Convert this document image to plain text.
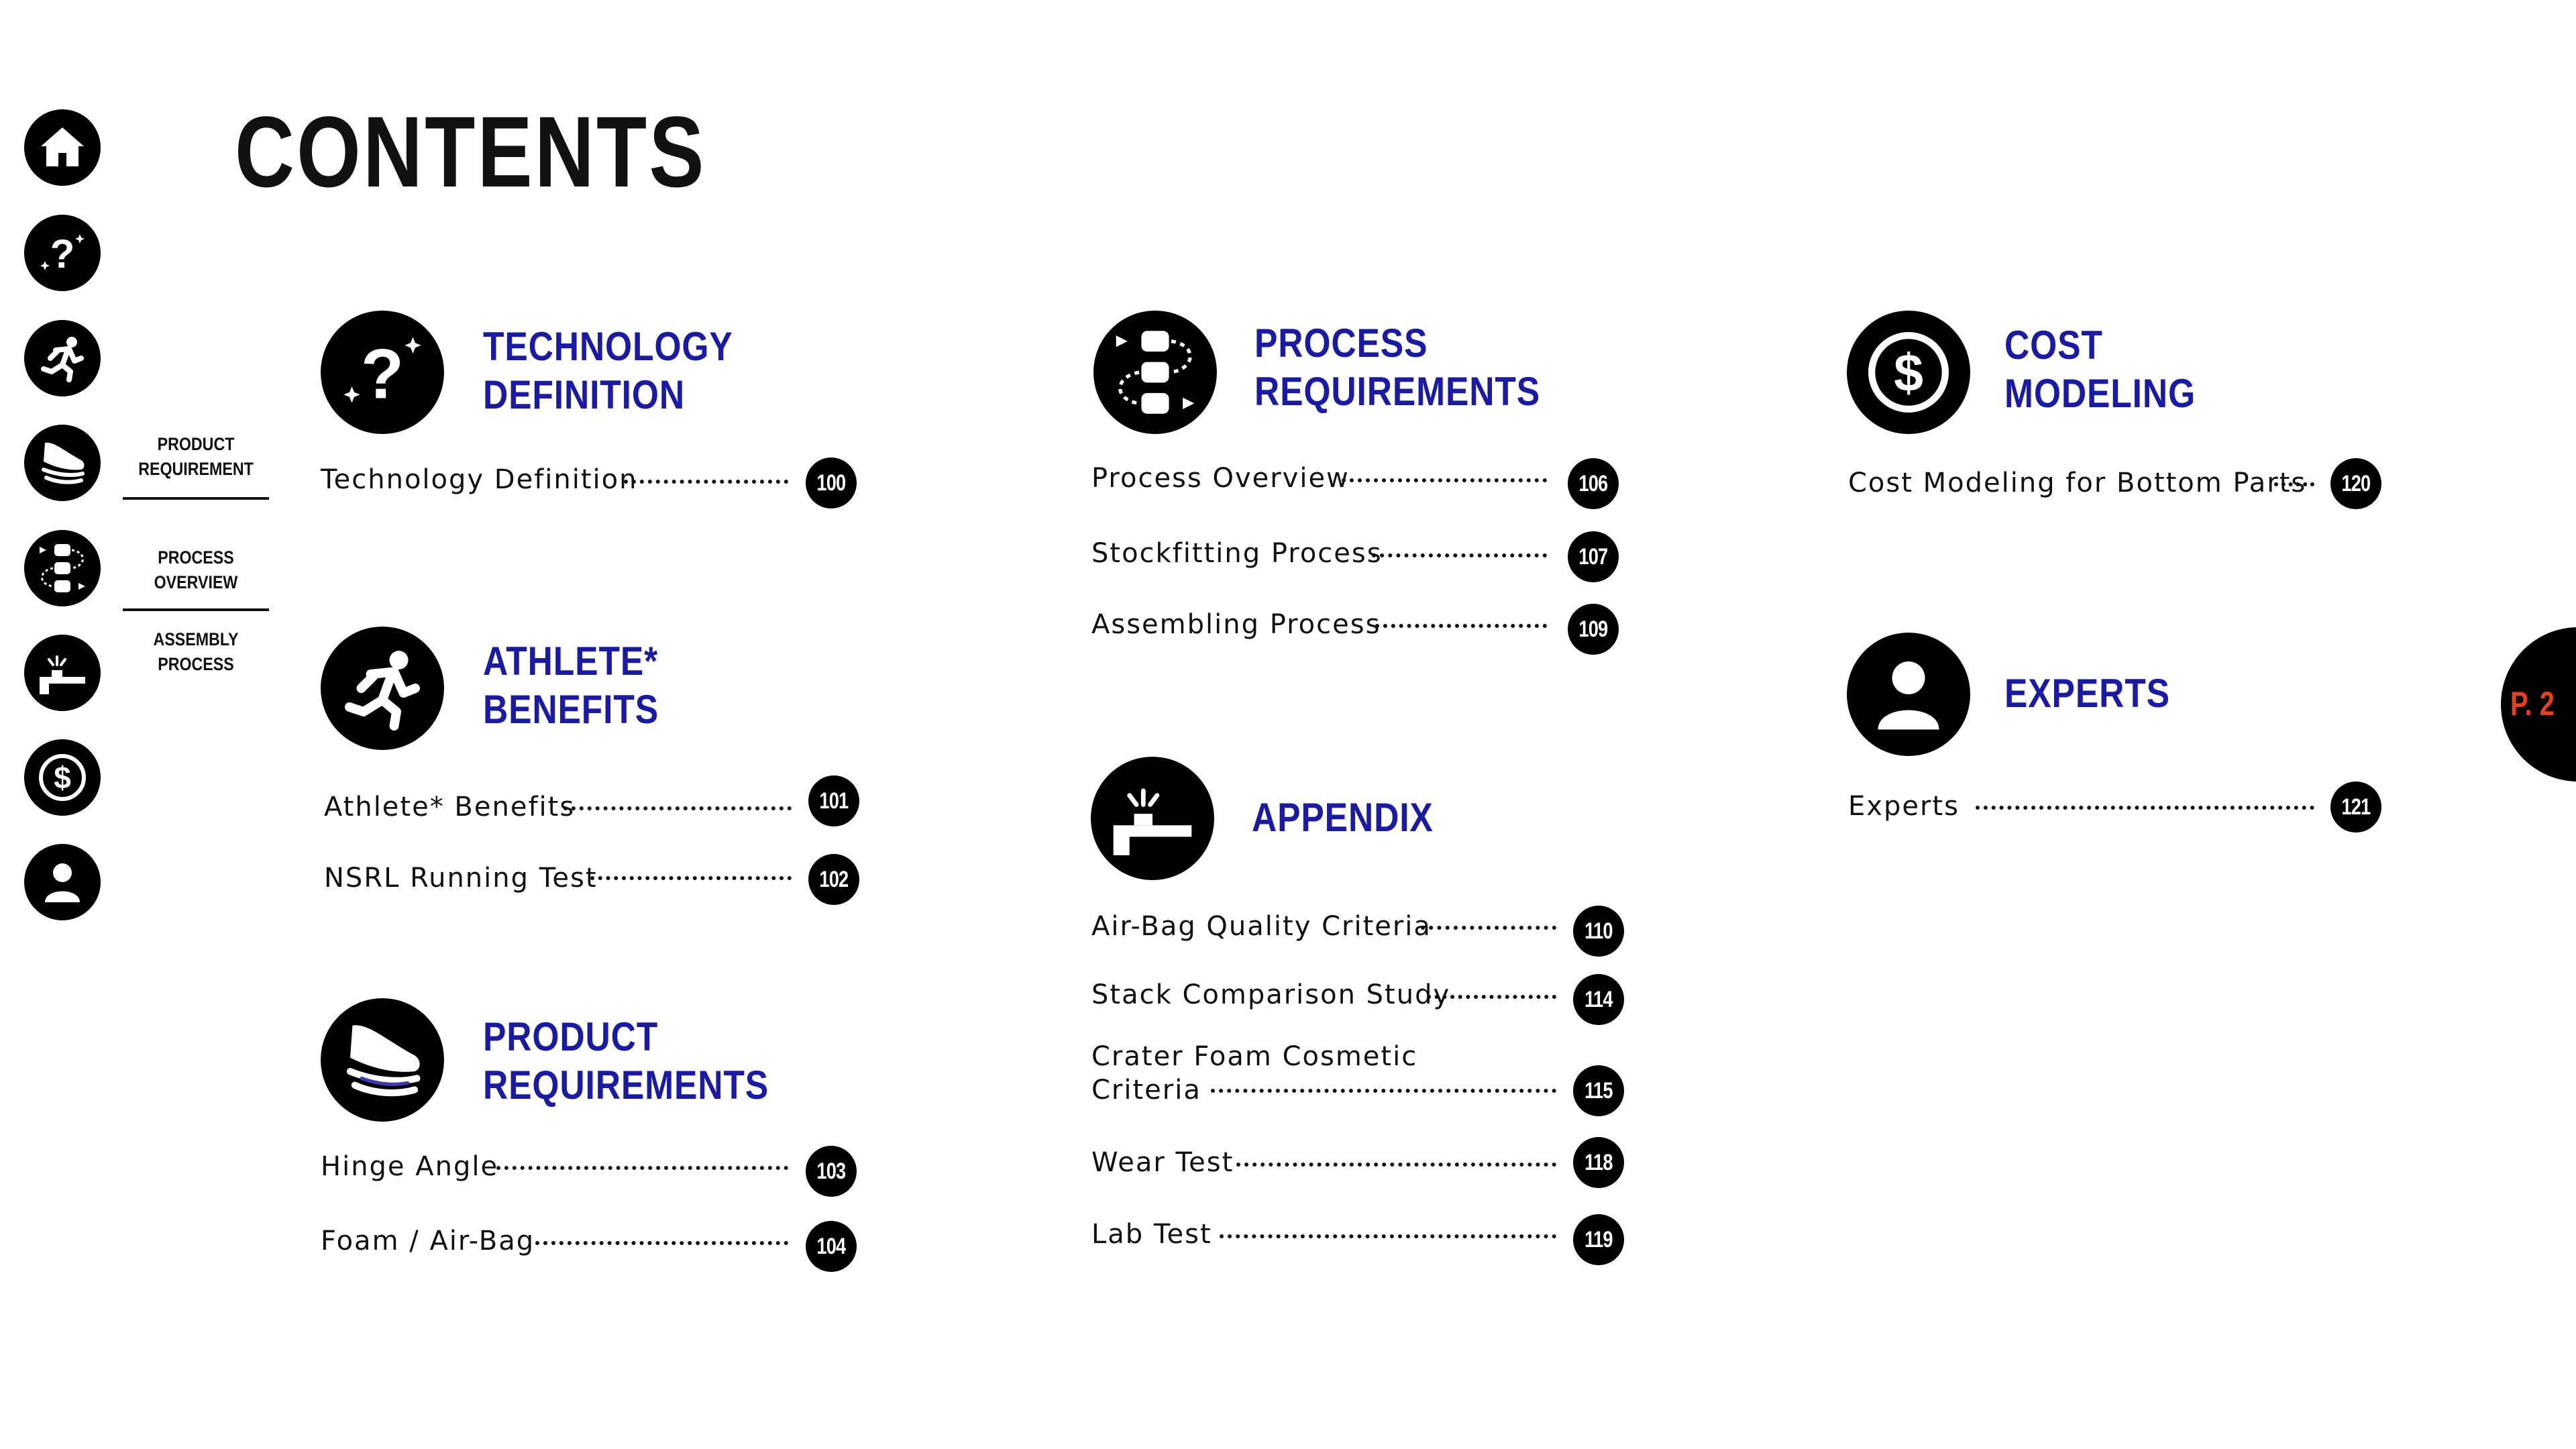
CONTENTS
?
$
PRODUCT
REQUIREMENT
PROCESS
OVERVIEW
ASSEMBLY
PROCESS
? TECHNOLOGY
DEFINITION
Technology Definition	100
ATHLETE*
BENEFITS
Athlete* Benefits	101
NSRL Running Test	102
PRODUCT
REQUIREMENTS
Hinge Angle	103
Foam / Air-Bag	104
PROCESS
REQUIREMENTS
Process Overview	106
Stockfitting Process	107
Assembling Process	109
APPENDIX
Air-Bag Quality Criteria	110
Stack Comparison Study	114
Crater Foam Cosmetic
Criteria	115
Wear Test	118
Lab Test	119
$ COST
MODELING
Cost Modeling for Bottom Parts 120
EXPERTS
Experts	121
P. 2
